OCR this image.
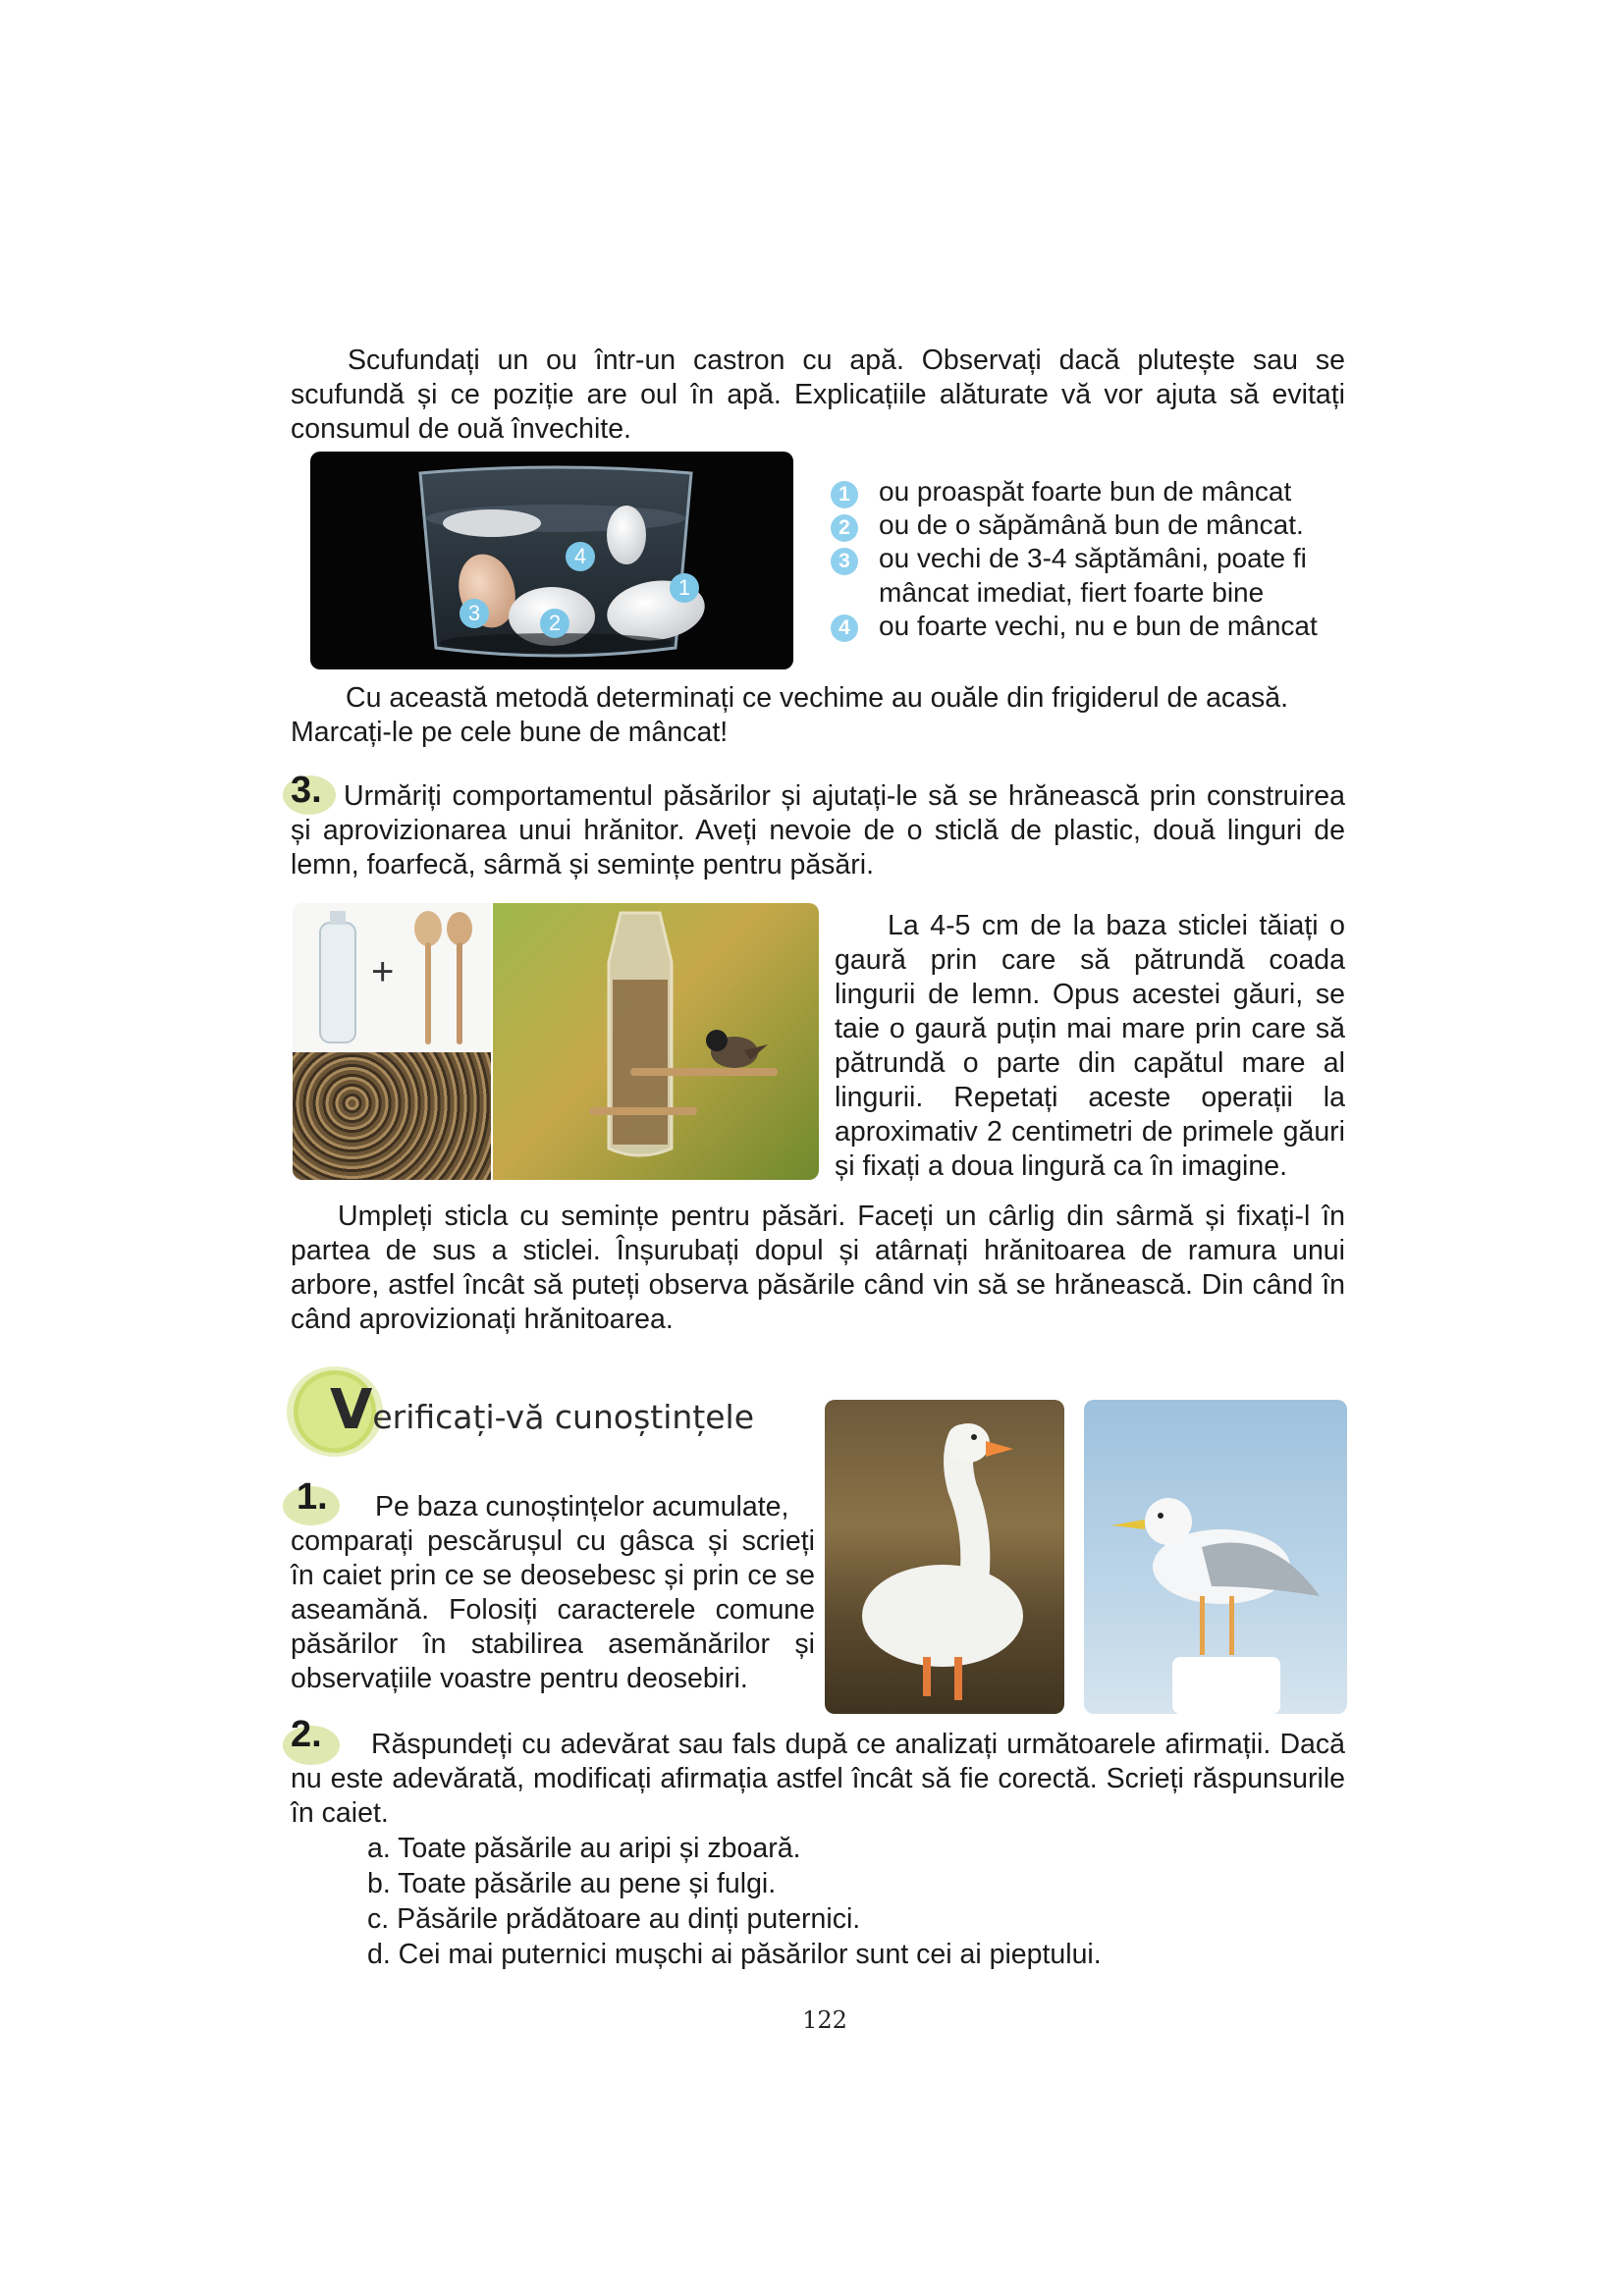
Scufundați un ou într-un castron cu apă. Observați dacă plutește sau se scufundă și ce poziție are oul în apă. Explicațiile alăturate vă vor ajuta să evitați consumul de ouă învechite.
4
1
3	2
1 ou proaspăt foarte bun de mâncat
2 ou de o săpămână bun de mâncat.
3 ou vechi de 3-4 săptămâni, poate fi
mâncat imediat, fiert foarte bine
4 ou foarte vechi, nu e bun de mâncat
Cu această metodă determinați ce vechime au ouăle din frigiderul de acasă. Marcați-le pe cele bune de mâncat!
3. Urmăriți comportamentul păsărilor și ajutați-le să se hrănească prin construirea și aprovizionarea unui hrănitor. Aveți nevoie de o sticlă de plastic, două linguri de lemn, foarfecă, sârmă și semințe pentru păsări.
+
La 4-5 cm de la baza sticlei tăiați o gaură prin care să pătrundă coada lingurii de lemn. Opus acestei găuri, se taie o gaură puțin mai mare prin care să pătrundă o parte din capătul mare al lingurii. Repetați aceste operații la aproximativ 2 centimetri de primele găuri și fixați a doua lingură ca în imagine.
Umpleți sticla cu semințe pentru păsări. Faceți un cârlig din sârmă și fixați-l în partea de sus a sticlei. Înșurubați dopul și atârnați hrănitoarea de ramura unui arbore, astfel încât să puteți observa păsările când vin să se hrănească. Din când în când aprovizionați hrănitoarea.
Verificați-vă cunoștințele
1. Pe baza cunoștințelor acumulate,
comparați pescărușul cu gâsca și scrieți în caiet prin ce se deosebesc și prin ce se aseamănă. Folosiți caracterele comune păsărilor în stabilirea asemănărilor și observațiile voastre pentru deosebiri.
2.	Răspundeți cu adevărat sau fals după ce analizați următoarele afirmații. Dacă nu este adevărată, modificați afirmația astfel încât să fie corectă. Scrieți răspunsurile în caiet.
a. Toate păsările au aripi și zboară.
b. Toate păsările au pene și fulgi.
c. Păsările prădătoare au dinți puternici.
d. Cei mai puternici mușchi ai păsărilor sunt cei ai pieptului.
122
